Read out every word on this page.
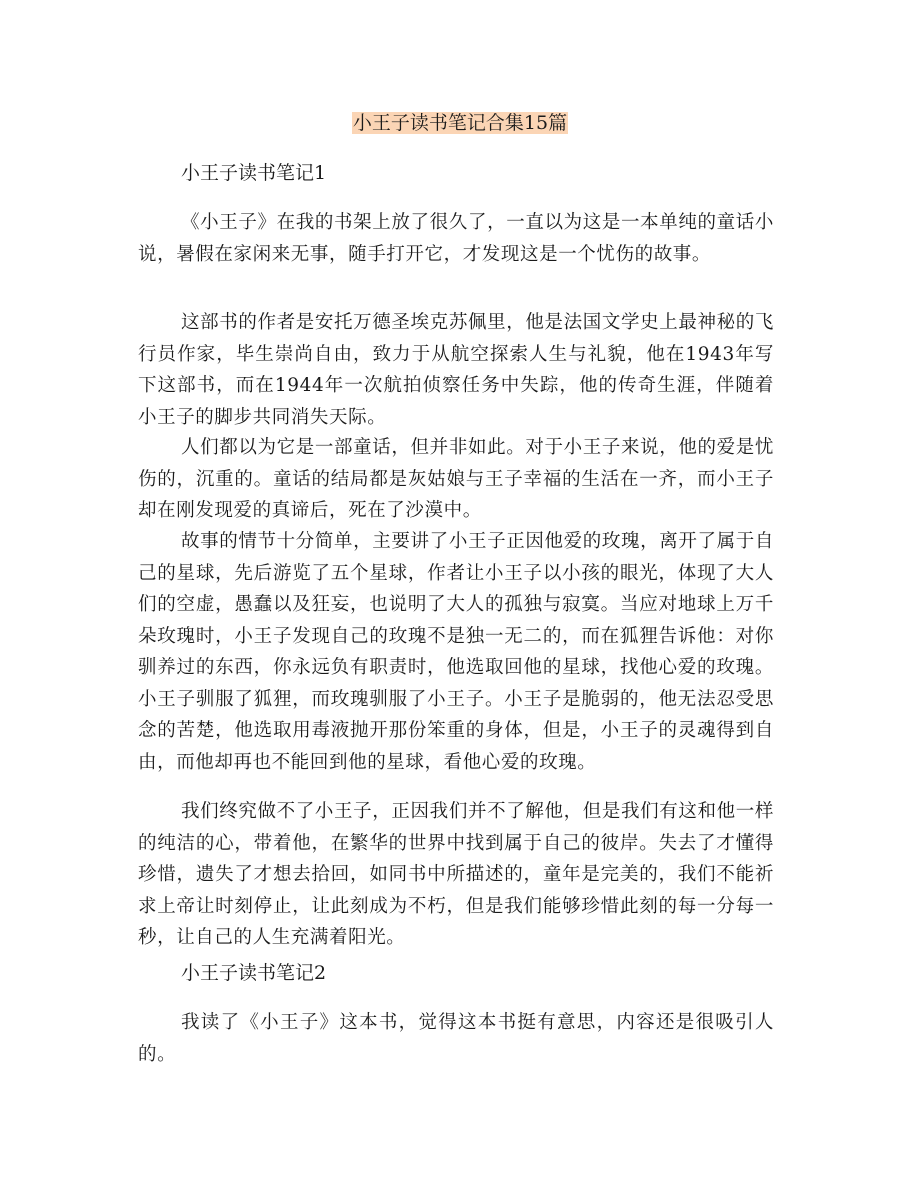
小王子读书笔记合集15篇
小王子读书笔记1

《小王子》在我的书架上放了很久了，一直以为这是一本单纯的童话小说，暑假在家闲来无事，随手打开它，才发现这是一个忧伤的故事。

这部书的作者是安托万德圣埃克苏佩里，他是法国文学史上最神秘的飞行员作家，毕生崇尚自由，致力于从航空探索人生与礼貌，他在1943年写下这部书，而在1944年一次航拍侦察任务中失踪，他的传奇生涯，伴随着小王子的脚步共同消失天际。

人们都以为它是一部童话，但并非如此。对于小王子来说，他的爱是忧伤的，沉重的。童话的结局都是灰姑娘与王子幸福的生活在一齐，而小王子却在刚发现爱的真谛后，死在了沙漠中。

故事的情节十分简单，主要讲了小王子正因他爱的玫瑰，离开了属于自己的星球，先后游览了五个星球，作者让小王子以小孩的眼光，体现了大人们的空虚，愚蠢以及狂妄，也说明了大人的孤独与寂寞。当应对地球上万千朵玫瑰时，小王子发现自己的玫瑰不是独一无二的，而在狐狸告诉他：对你驯养过的东西，你永远负有职责时，他选取回他的星球，找他心爱的玫瑰。小王子驯服了狐狸，而玫瑰驯服了小王子。小王子是脆弱的，他无法忍受思念的苦楚，他选取用毒液抛开那份笨重的身体，但是，小王子的灵魂得到自由，而他却再也不能回到他的星球，看他心爱的玫瑰。

我们终究做不了小王子，正因我们并不了解他，但是我们有这和他一样的纯洁的心，带着他，在繁华的世界中找到属于自己的彼岸。失去了才懂得珍惜，遗失了才想去拾回，如同书中所描述的，童年是完美的，我们不能祈求上帝让时刻停止，让此刻成为不朽，但是我们能够珍惜此刻的每一分每一秒，让自己的人生充满着阳光。

小王子读书笔记2

我读了《小王子》这本书，觉得这本书挺有意思，内容还是很吸引人的。
